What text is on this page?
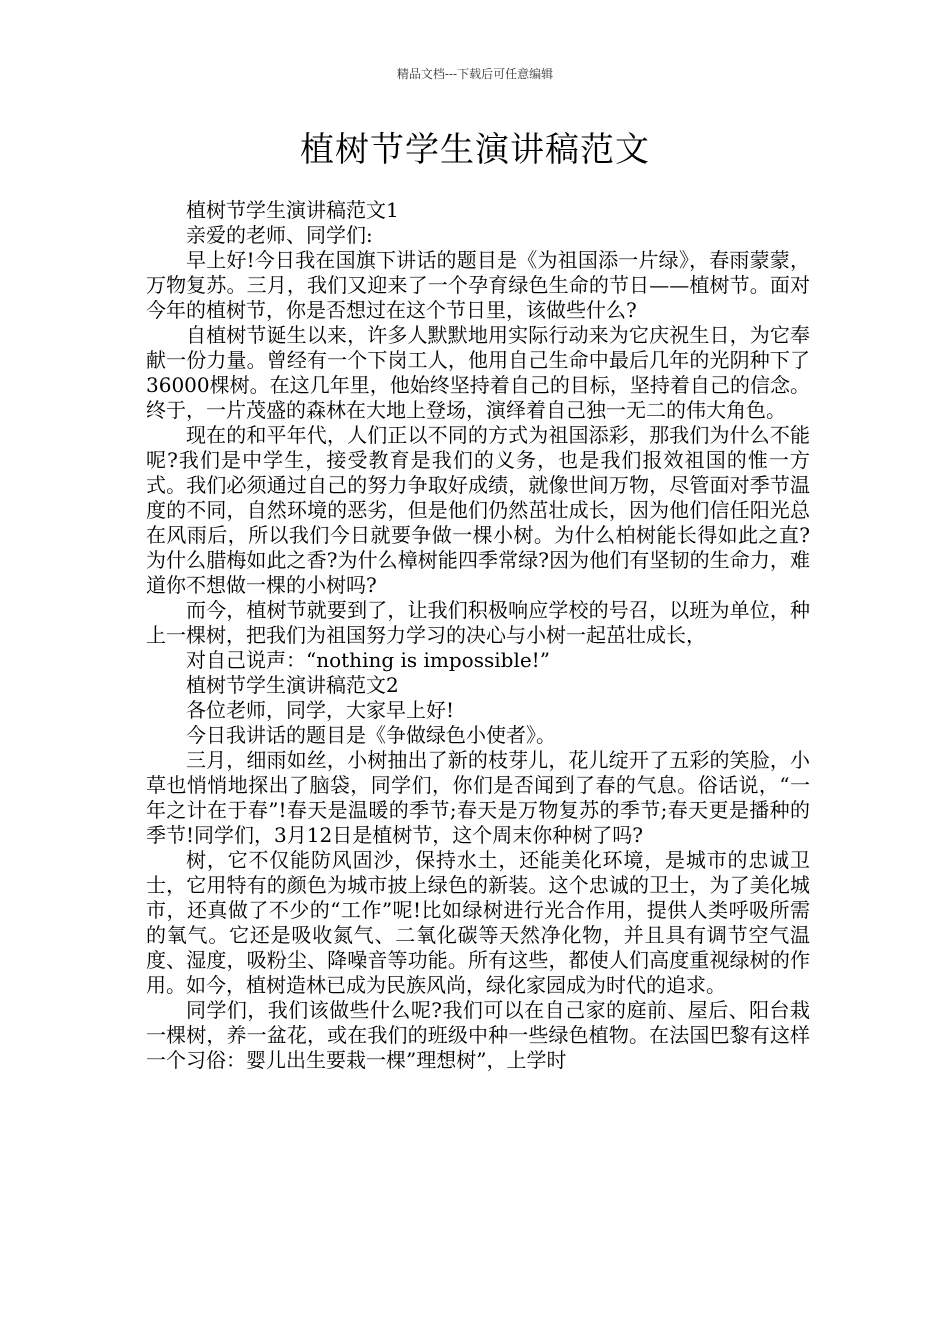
精品文档---下载后可任意编辑
植树节学生演讲稿范文

植树节学生演讲稿范文1

亲爱的老师、同学们:

早上好!今日我在国旗下讲话的题目是《为祖国添一片绿》，春雨蒙蒙，万物复苏。三月，我们又迎来了一个孕育绿色生命的节日——植树节。面对今年的植树节，你是否想过在这个节日里，该做些什么?

自植树节诞生以来，许多人默默地用实际行动来为它庆祝生日，为它奉献一份力量。曾经有一个下岗工人，他用自己生命中最后几年的光阴种下了36000棵树。在这几年里，他始终坚持着自己的目标，坚持着自己的信念。终于，一片茂盛的森林在大地上登场，演绎着自己独一无二的伟大角色。

现在的和平年代，人们正以不同的方式为祖国添彩，那我们为什么不能呢?我们是中学生，接受教育是我们的义务，也是我们报效祖国的惟一方式。我们必须通过自己的努力争取好成绩，就像世间万物，尽管面对季节温度的不同，自然环境的恶劣，但是他们仍然茁壮成长，因为他们信任阳光总在风雨后，所以我们今日就要争做一棵小树。为什么柏树能长得如此之直?为什么腊梅如此之香?为什么樟树能四季常绿?因为他们有坚韧的生命力，难道你不想做一棵的小树吗?

而今，植树节就要到了，让我们积极响应学校的号召，以班为单位，种上一棵树，把我们为祖国努力学习的决心与小树一起茁壮成长，

对自己说声：“nothing is impossible!”

植树节学生演讲稿范文2

各位老师，同学，大家早上好!

今日我讲话的题目是《争做绿色小使者》。

三月，细雨如丝，小树抽出了新的枝芽儿，花儿绽开了五彩的笑脸，小草也悄悄地探出了脑袋，同学们，你们是否闻到了春的气息。俗话说，“一年之计在于春”!春天是温暖的季节;春天是万物复苏的季节;春天更是播种的季节!同学们，3月12日是植树节，这个周末你种树了吗?

树，它不仅能防风固沙，保持水土，还能美化环境，是城市的忠诚卫士，它用特有的颜色为城市披上绿色的新装。这个忠诚的卫士，为了美化城市，还真做了不少的“工作”呢!比如绿树进行光合作用，提供人类呼吸所需的氧气。它还是吸收氮气、二氧化碳等天然净化物，并且具有调节空气温度、湿度，吸粉尘、降噪音等功能。所有这些，都使人们高度重视绿树的作用。如今，植树造林已成为民族风尚，绿化家园成为时代的追求。

同学们，我们该做些什么呢?我们可以在自己家的庭前、屋后、阳台栽一棵树，养一盆花，或在我们的班级中种一些绿色植物。在法国巴黎有这样一个习俗：婴儿出生要栽一棵”理想树”，上学时
